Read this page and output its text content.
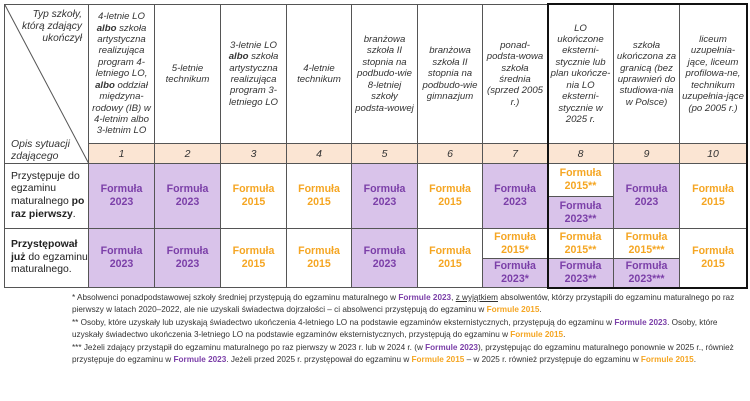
Typ szkoły, którą zdający ukończył
Opis sytuacji zdającego
Przystępuje do egzaminu maturalnego po raz pierwszy.
Przystępował już do egzaminu maturalnego.
4-letnie LO albo szkoła artystyczna realizująca program 4-letniego LO, albo oddział międzyna-rodowy (IB) w 4-letnim albo 3-letnim LO
1
Formuła 2023
Formuła 2023
5-letnie technikum
2
Formuła 2023
Formuła 2023
3-letnie LO albo szkoła artystyczna realizująca program 3-letniego LO
3
Formuła 2015
Formuła 2015
4-letnie technikum
4
Formuła 2015
Formuła 2015
branżowa szkoła II stopnia na podbudo-wie 8-letniej szkoły podsta-wowej
5
Formuła 2023
Formuła 2023
branżowa szkoła II stopnia na podbudo-wie gimnazjum
6
Formuła 2015
Formuła 2015
ponad-podsta-wowa szkoła średnia (sprzed 2005 r.)
7
Formuła 2023
Formuła 2015*
Formuła 2023*
LO ukończone eksterni-stycznie lub plan ukończe-nia LO eksterni-stycznie w 2025 r.
8
Formuła 2015**
Formuła 2023**
Formuła 2015**
Formuła 2023**
szkoła ukończona za granicą (bez uprawnień do studiowa-nia w Polsce)
9
Formuła 2023
Formuła 2015***
Formuła 2023***
liceum uzupełnia-jące, liceum profilowa-ne, technikum uzupełnia-jące (po 2005 r.)
10
Formuła 2015
Formuła 2015

* Absolwenci ponadpodstawowej szkoły średniej przystępują do egzaminu maturalnego w Formule 2023, z wyjątkiem absolwentów, którzy przystąpili do egzaminu maturalnego po raz pierwszy w latach 2020–2022, ale nie uzyskali świadectwa dojrzałości – ci absolwenci przystępują do egzaminu w Formule 2015.

** Osoby, które uzyskały lub uzyskają świadectwo ukończenia 4-letniego LO na podstawie egzaminów eksternistycznych, przystępują do egzaminu w Formule 2023. Osoby, które uzyskały świadectwo ukończenia 3-letniego LO na podstawie egzaminów eksternistycznych, przystępują do egzaminu w Formule 2015.

*** Jeżeli zdający przystąpił do egzaminu maturalnego po raz pierwszy w 2023 r. lub w 2024 r. (w Formule 2023), przystępując do egzaminu maturalnego ponownie w 2025 r., również przystępuje do egzaminu w Formule 2023. Jeżeli przed 2025 r. przystępował do egzaminu w Formule 2015 – w 2025 r. również przystępuje do egzaminu w Formule 2015.
